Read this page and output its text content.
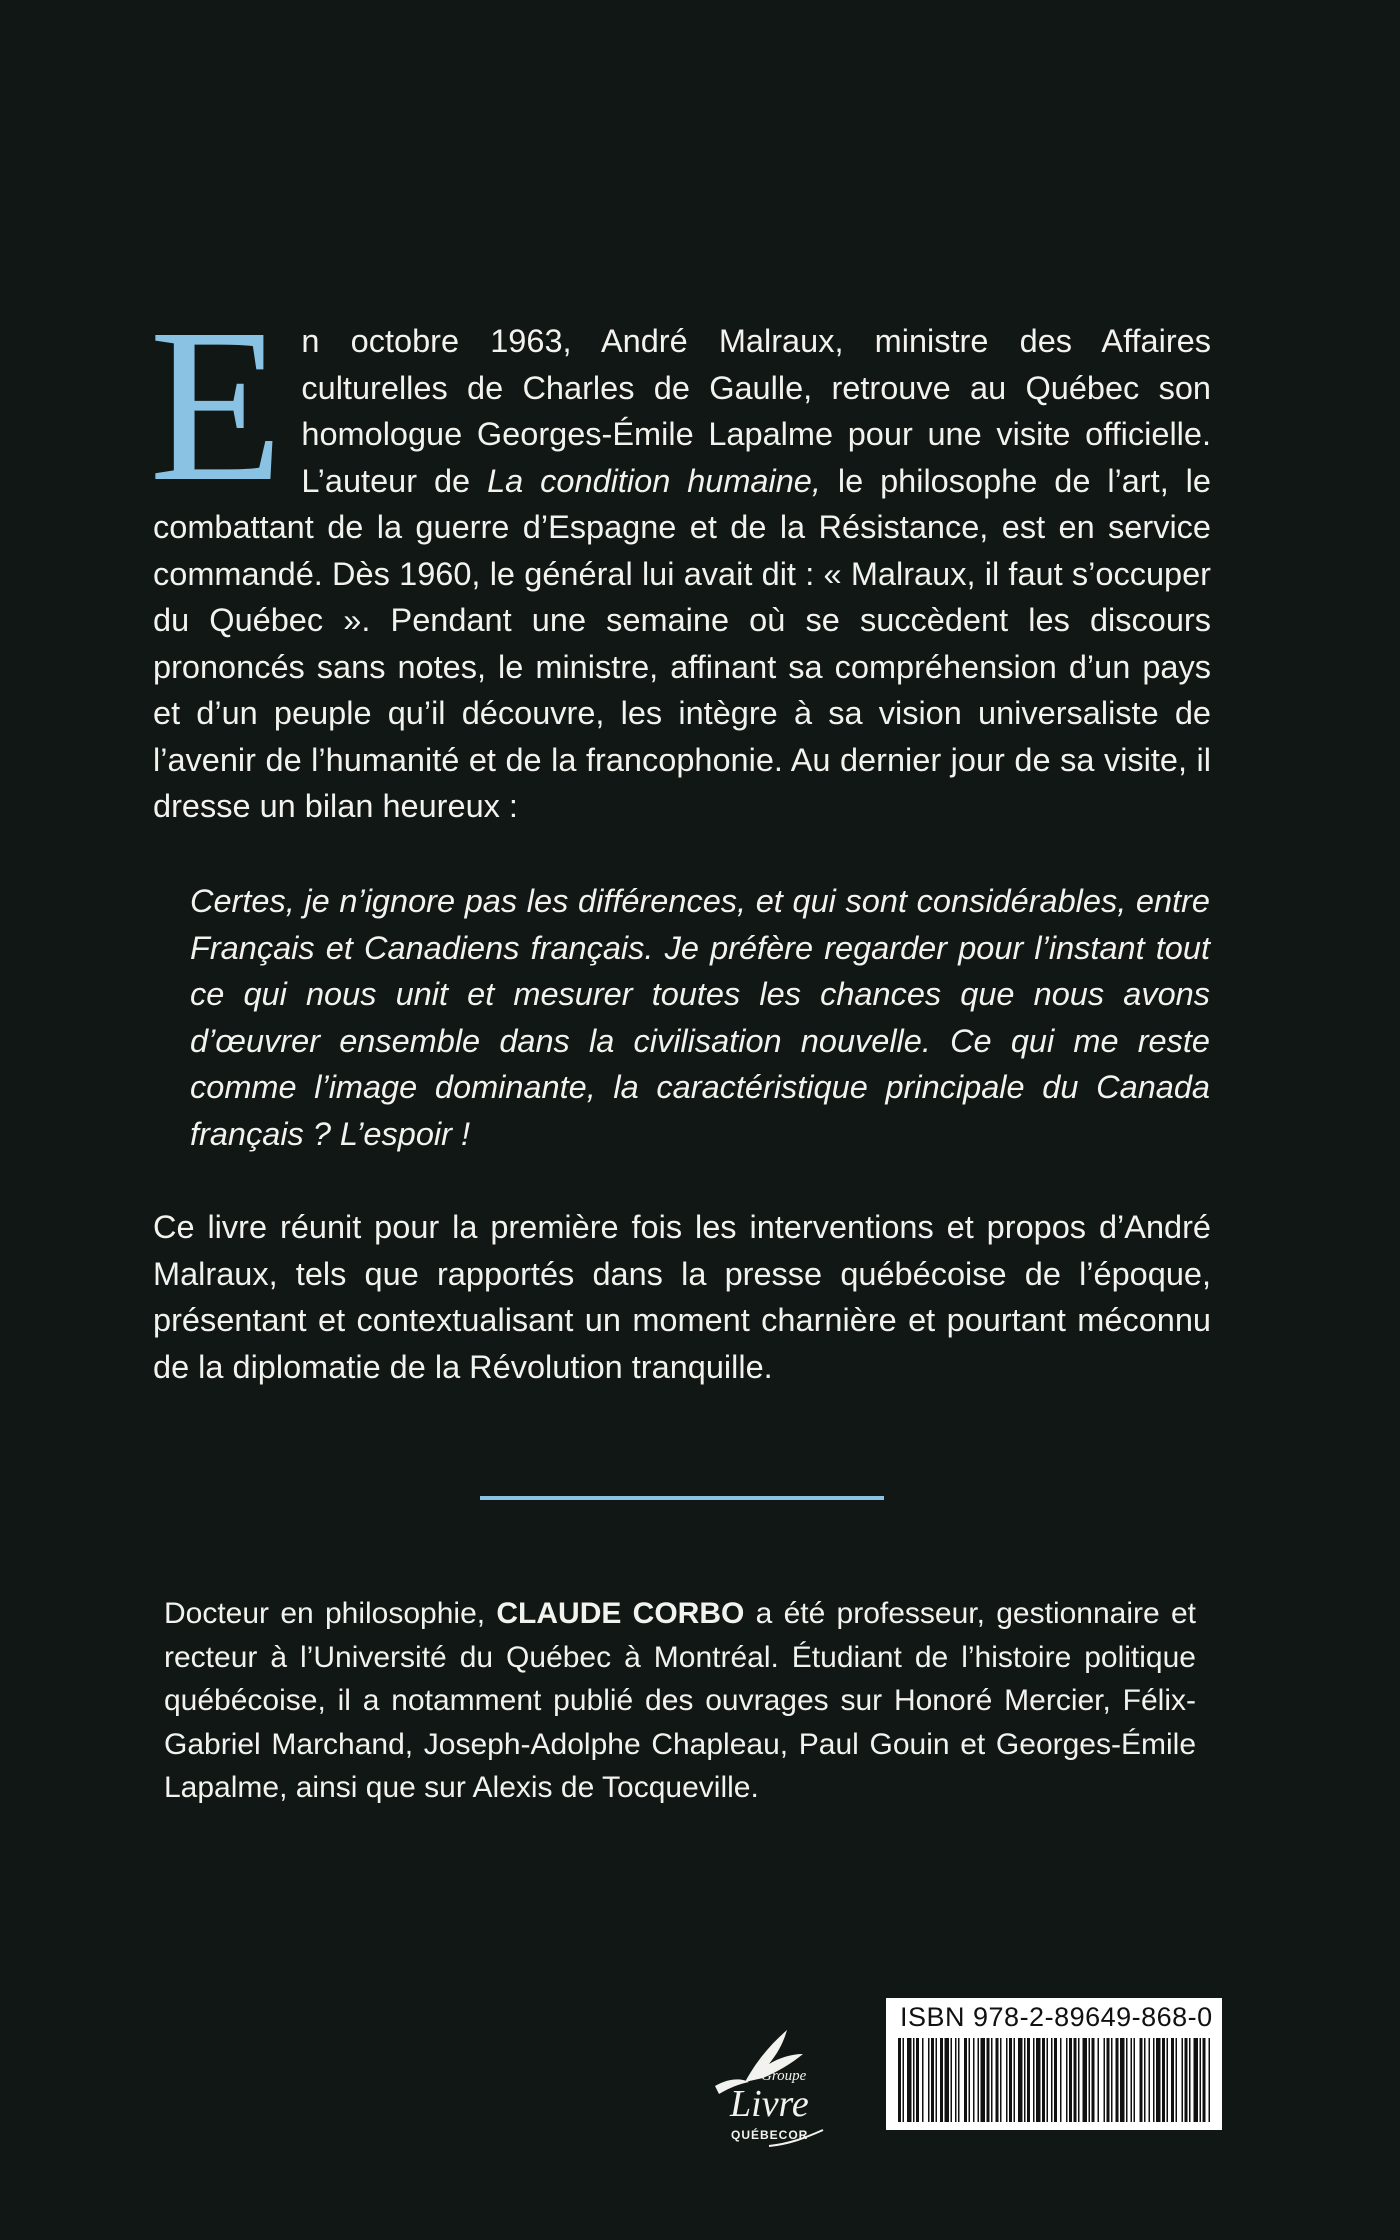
E n octobre 1963, André Malraux, ministre des Affaires culturelles de Charles de Gaulle, retrouve au Québec son homologue Georges-Émile Lapalme pour une visite officielle. L’auteur de La condition humaine, le philosophe de l’art, le combattant de la guerre d’Espagne et de la Résistance, est en service commandé. Dès 1960, le général lui avait dit : « Malraux, il faut s’occuper du Québec ». Pendant une semaine où se succèdent les discours prononcés sans notes, le ministre, affinant sa compréhension d’un pays et d’un peuple qu’il découvre, les intègre à sa vision universaliste de l’avenir de l’humanité et de la francophonie. Au dernier jour de sa visite, il dresse un bilan heureux :

Certes, je n’ignore pas les différences, et qui sont considérables, entre Français et Canadiens français. Je préfère regarder pour l’instant tout ce qui nous unit et mesurer toutes les chances que nous avons d’œuvrer ensemble dans la civilisation nouvelle. Ce qui me reste comme l’image dominante, la caractéristique principale du Canada français ? L’espoir !
Ce livre réunit pour la première fois les interventions et propos d’André Malraux, tels que rapportés dans la presse québécoise de l’époque, présentant et contextualisant un moment charnière et pourtant méconnu de la diplomatie de la Révolution tranquille.
Docteur en philosophie, CLAUDE CORBO a été professeur, gestionnaire et recteur à l’Université du Québec à Montréal. Étudiant de l’histoire politique québécoise, il a notamment publié des ouvrages sur Honoré Mercier, Félix-Gabriel Marchand, Joseph-Adolphe Chapleau, Paul Gouin et Georges-Émile Lapalme, ainsi que sur Alexis de Tocqueville.
Groupe
Livre
QUÉBECOR
ISBN 978-2-89649-868-0
